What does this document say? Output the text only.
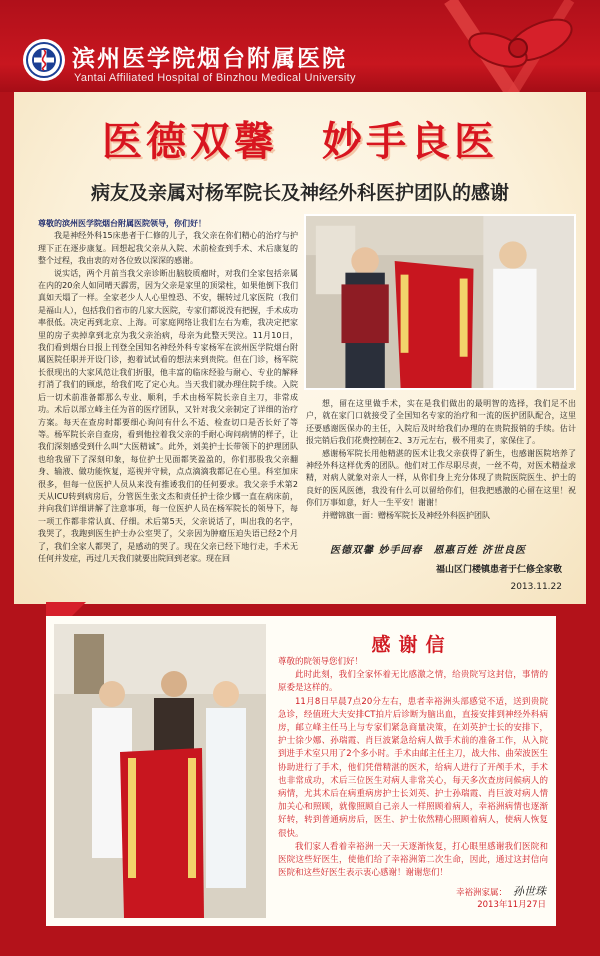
滨州医学院烟台附属医院
Yantai Affiliated Hospital of Binzhou Medical University
医德双馨　妙手良医
病友及亲属对杨军院长及神经外科医护团队的感谢
尊敬的滨州医学院烟台附属医院领导，你们好！

我是神经外科15床患者于仁修的儿子，我父亲在你们精心的治疗与护理下正在逐步康复。回想起我父亲从入院、术前检查到手术、术后康复的整个过程，我由衷的对各位致以深深的感谢。

说实话，两个月前当我父亲诊断出脑胶质瘤时，对我们全家包括亲属在内的20余人如同晴天霹雳，因为父亲是家里的顶梁柱，如果他倒下我们真如天塌了一样。全家老少人人心里惶恐、不安，辗转过几家医院（我们是福山人），包括我们省市的几家大医院，专家们都说没有把握，手术成功率很低。决定再到北京、上海。可家庭网络让我们左右为难，我决定把家里的房子卖掉拿到北京为我父亲治病，母亲为此整天哭泣。11月10日，我们看到烟台日报上刊登全国知名神经外科专家杨军在滨州医学院烟台附属医院任职并开设门诊，抱着试试看的想法来到贵院。但在门诊，杨军院长很现出的大家风范让我们折服，他丰富的临床经验与耐心、专业的解释打消了我们的顾虑，给我们吃了定心丸。当天我们就办理住院手续。入院后一切术前准备都那么专业、顺利，手术由杨军院长亲自主刀，非常成功。术后以部立峰主任为首的医疗团队，又针对我父亲制定了详细的治疗方案。每天在查房时都要细心询问有什么不适、检查切口是否长好了等等。杨军院长亲自查房，看到他拉着我父亲的手耐心询问病情的样子，让我们深刻感受到什么叫“大医精诚”。此外，刘美护士长带领下的护理团队也给我留下了深刻印象，每位护士见面都笑盈盈的，你们那股我父亲翻身、输液、做功能恢复，巡视并守候，点点滴滴我都记在心里。科室加床很多，但每一位医护人员从来没有推诿我们的任何要求。我父亲手术第2天从ICU转到病房后，分管医生张文杰和责任护士徐少娜一直在病床前，并向我们详细讲解了注意事项，每一位医护人员在杨军院长的领导下，每一项工作都非常认真、仔细。术后第5天，父亲说话了，叫出我的名字，我哭了，我跑到医生护士办公室哭了，父亲因为肿瘤压迫失语已经2个月了，我们全家人都哭了，是感动的哭了。现在父亲已经下地行走，手术无任何并发症，再过几天我们就要出院回到老家。现在回

想，留在这里做手术，实在是我们做出的最明智的选择，我们足不出户，就在家门口就接受了全国知名专家的治疗和一流的医护团队配合，这里还要感谢医保办的主任，入院后及时给我们办理的在贵院报销的手续。估计报完销后我们花费控制在2、3万元左右，极不用卖了，家保住了。

感谢杨军院长用他精湛的医术让我父亲获得了新生，也感谢医院培养了神经外科这样优秀的团队。他们对工作尽职尽责，一丝不苟，对医术精益求精，对病人就象对亲人一样，从你们身上充分体现了贵院医院医生、护士的良好的医风医德，我没有什么可以留给你们，但我把感激的心留在这里！祝你们万事如意，好人一生平安！谢谢！

并赠锦旗一面：赠杨军院长及神经外科医护团队

医德双馨 妙手回春　恩惠百姓 济世良医
福山区门楼镇患者于仁修全家敬
2013.11.22
感谢信

尊敬的院领导您们好！

此时此刻，我们全家怀着无比感激之情，给贵院写这封信，事情的原委是这样的。

11月8日早晨7点20分左右，患者幸裕洲头部感觉不适，送到贵院急诊，经值班大夫安排CT拍片后诊断为脑出血，直接安排到神经外科病房，邮立峰主任马上与专家们紧急商量决策，在刘英护士长的安排下，护士徐少娜、孙瑞霞、肖巨波紧急给病人做手术前的准备工作，从入院到进手术室只用了2个多小时。手术由邮主任主刀，战大伟、曲荣波医生协助进行了手术，他们凭借精湛的医术，给病人进行了开颅手术，手术也非常成功，术后三位医生对病人非常关心，每天多次查房问候病人的病情，尤其术后在病重病房护士长刘英、护士孙瑞霞、肖巨波对病人情加关心和照顾，就像照顾自己亲人一样照顾着病人，幸裕洲病情也逐渐好转，转到普通病房后，医生、护士依然精心照顾着病人，使病人恢复很快。

我们家人看着幸裕洲一天一天逐渐恢复，打心眼里感谢我们医院和医院这些好医生，使他们给了幸裕洲第二次生命，因此，通过这封信向医院和这些好医生表示衷心感谢！谢谢您们！

幸裕洲家属： 孙世珠
2013年11月27日
